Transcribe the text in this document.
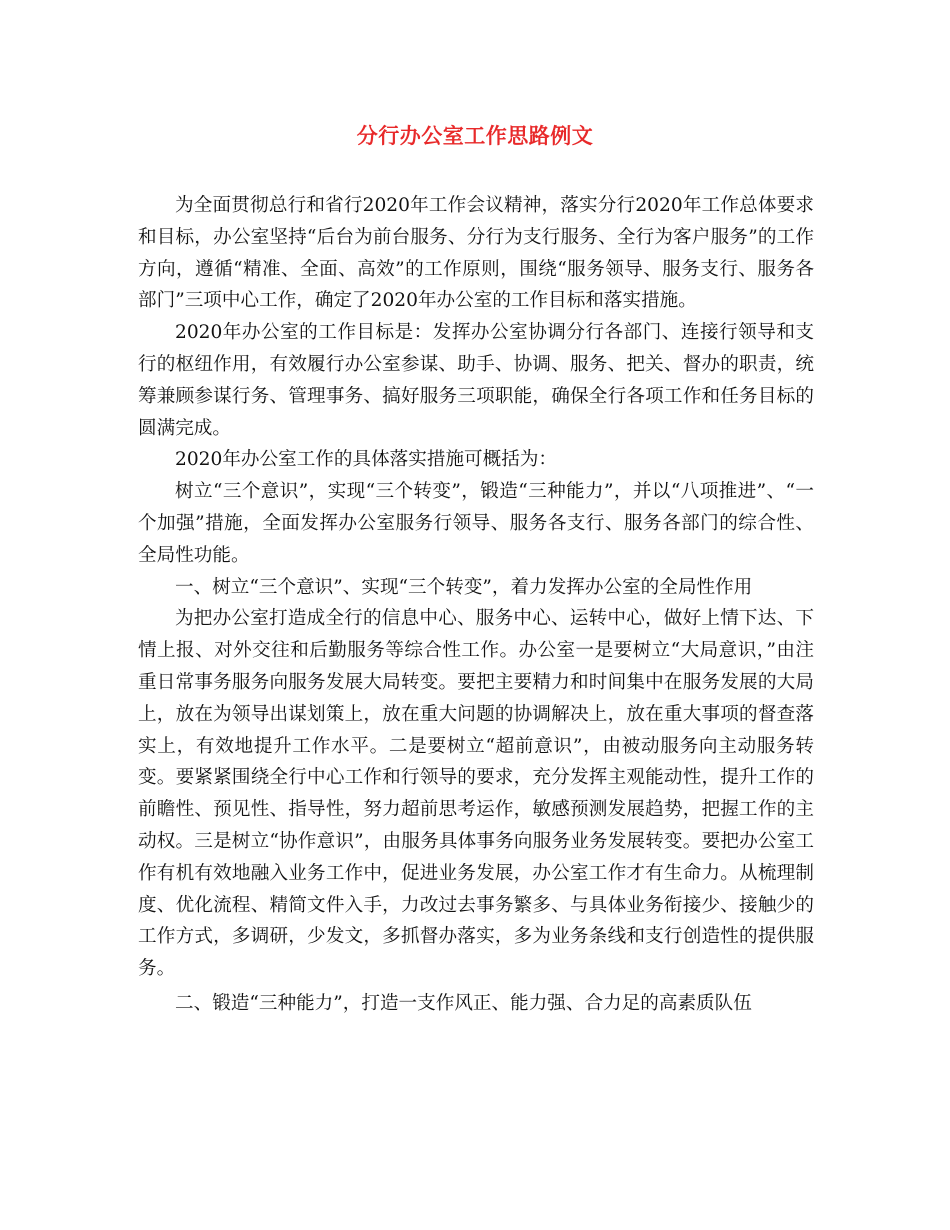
分行办公室工作思路例文

为全面贯彻总行和省行2020年工作会议精神，落实分行2020年工作总体要求和目标，办公室坚持“后台为前台服务、分行为支行服务、全行为客户服务”的工作方向，遵循“精准、全面、高效”的工作原则，围绕“服务领导、服务支行、服务各部门”三项中心工作，确定了2020年办公室的工作目标和落实措施。

2020年办公室的工作目标是：发挥办公室协调分行各部门、连接行领导和支行的枢纽作用，有效履行办公室参谋、助手、协调、服务、把关、督办的职责，统筹兼顾参谋行务、管理事务、搞好服务三项职能，确保全行各项工作和任务目标的圆满完成。

2020年办公室工作的具体落实措施可概括为：

树立“三个意识”，实现“三个转变”，锻造“三种能力”，并以“八项推进”、“一个加强”措施，全面发挥办公室服务行领导、服务各支行、服务各部门的综合性、全局性功能。

一、树立“三个意识”、实现“三个转变”，着力发挥办公室的全局性作用

为把办公室打造成全行的信息中心、服务中心、运转中心，做好上情下达、下情上报、对外交往和后勤服务等综合性工作。办公室一是要树立“大局意识，”由注重日常事务服务向服务发展大局转变。要把主要精力和时间集中在服务发展的大局上，放在为领导出谋划策上，放在重大问题的协调解决上，放在重大事项的督查落实上，有效地提升工作水平。二是要树立“超前意识”，由被动服务向主动服务转变。要紧紧围绕全行中心工作和行领导的要求，充分发挥主观能动性，提升工作的前瞻性、预见性、指导性，努力超前思考运作，敏感预测发展趋势，把握工作的主动权。三是树立“协作意识”，由服务具体事务向服务业务发展转变。要把办公室工作有机有效地融入业务工作中，促进业务发展，办公室工作才有生命力。从梳理制度、优化流程、精简文件入手，力改过去事务繁多、与具体业务衔接少、接触少的工作方式，多调研，少发文，多抓督办落实，多为业务条线和支行创造性的提供服务。

二、锻造“三种能力”，打造一支作风正、能力强、合力足的高素质队伍
